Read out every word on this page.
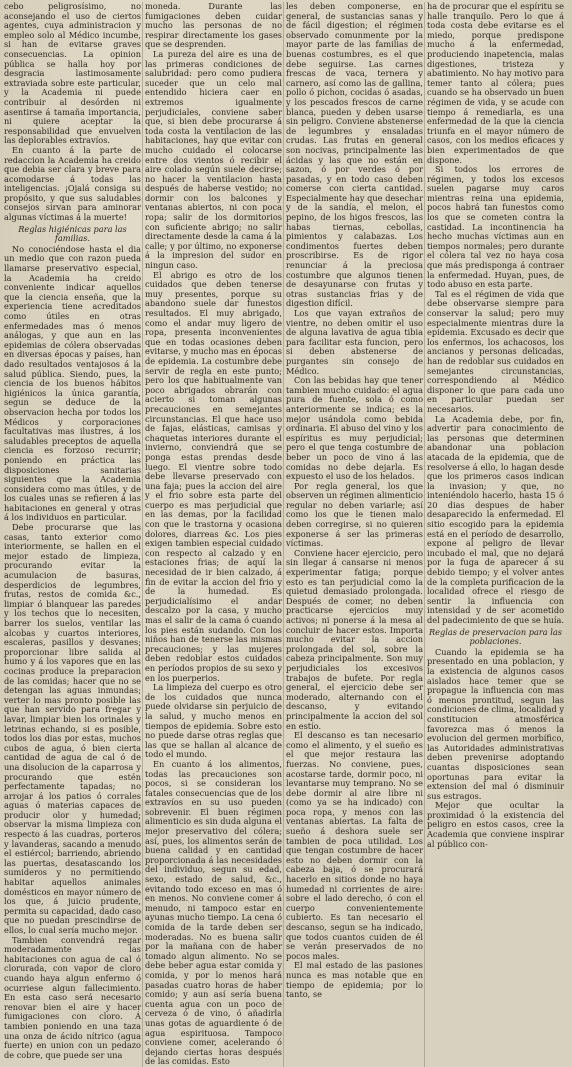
cebo peligrosísimo, no aconsejando el uso de ciertos agentes, cuya administracion y empleo solo al Médico incumbe, si han de evitarse graves consecuencias. La opinion pública se halla hoy por desgracia lastimosamente extraviada sobre este particular, y la Academia ni puede contribuir al desórden ni asentirse á tamaña importancia, ni quiere aceptar la responsabilidad que envuelven las deplorables extravíos.

En cuanto á la parte de redaccion la Academia ha creido que debia ser clara y breve para acomodarse á todas las inteligencias. ¡Ojalá consiga su propósito, y que sus saludables consejos sirvan para aminorar algunas víctimas á la muerte!

Reglas higiénicas para las familias.

No conociéndose hasta el dia un medio que con razon pueda llamarse preservativo especial, la Academia ha creido conveniente indicar aquellos que la ciencia enseña, que la experiencia tiene acreditados como útiles en otras enfermedades mas ó menos análogas, y que aun en las epidemias de cólera observadas en diversas épocas y países, han dado resultados ventajosos á la salud pública. Siendo, pues, la ciencia de los buenos hábitos higiénicos la única garantía, segun se deduce de la observacion hecha por todos los Médicos y corporaciones facultativas mas ilustres, á los saludables preceptos de aquella ciencia es forzoso recurrir; poniendo en práctica las disposiciones sanitarias siguientes que la Academia considera como mas útiles, y de los cuales unas se refieren á las habitaciones en general y otras á los individuos en particular.

Debe procurarse que las casas, tanto exterior como interiormente, se hallen en el mejor estado de limpieza, procurando evitar la acumulacion de basuras, desperdicios de legumbres, frutas, restos de comida &c., limpiar ó blanquear las paredes y los techos que lo necesiten, barrer los suelos, ventilar las alcobas y cuartos interiores, escaleras, pasillos y desvanes; proporcionar libre salida al humo y á los vapores que en las cocinas produce la preparacion de las comidas; hacer que no se detengan las aguas inmundas; verter lo mas pronto posible las que han servido para fregar y lavar, limpiar bien los orinales y letrinas echando, si es posible, todos los dias por estas, muchos cubos de agua, ó bien cierta cantidad de agua de cal ó de una disolucion de la caparrosa y procurando que estén perfectamente tapadas; no arrojar á los patios ó corrales aguas ó materias capaces de producir olor y humedad; observar la misma limpieza con respecto á las cuadras, porteros y lavanderas, sacando a menudo el estiércol; barriendo, abriendo las puertas, desatascando los sumideros y no permitiendo habitar aquellos animales domésticos en mayor número de los que, á juicio prudente, permita su capacidad, dado caso que no puedan prescindirse de ellos, lo cual sería mucho mejor.

Tambien convendrá regar moderadamente las habitaciones con agua de cal ó clorurada, con vapor de cloro cuando haya algun enfermo ó ocurriese algun fallecimiento. En esta caso será necesario renovar bien el aire y hacer fumigaciones con cloro. Á tambien poniendo en una taza una onza de ácido nítrico (agua fuerte) en union con un pedazo de cobre, que puede ser una

moneda. Durante las fumigaciones deben cuidar mucho las personas de no respirar directamente los gases que se desprenden.

La pureza del aire es una de las primeras condiciones de salubridad: pero como pudiera suceder que un celo mal entendido hiciera caer en extremos igualmente perjudiciales, conviene saber que, si bien debe procurarse á toda costa la ventilacion de las habitaciones, hay que evitar con mucho cuidado el colocarse entre dos vientos ó recibir el aire colado según suele decirse; no hacer la ventilacion hasta después de haberse vestido; no dormir con los balcones y ventanas abiertos, ni con poca ropa; salir de los dormitorios con suficiente abrigo; no salir directamente desde la cama á la calle; y por último, no exponerse á la impresion del sudor en ningun caso.

El abrigo es otro de los cuidados que deben tenerse muy presentes, porque su abandono suele dar funestos resultados. El muy abrigado, como el andar muy ligero de ropa, presenta inconvenientes que en todas ocasiones deben evitarse, y mucho mas en épocas de epidemia. La costumbre debe servir de regla en este punto; pero los que habitualmente van poco abrigados obrarán con acierto si toman algunas precauciones en semejantes circunstancias. El que hace uso de fajas, elásticas, camisas y chaquetas interiores durante el invierno, conviendrá que se ponga estas prendas desde luego. El vientre sobre todo debe llevarse preservado con una faja; pues la accion del aire y el frio sobre esta parte del cuerpo es mas perjudicial que en las demas, por la facilidad con que le trastorna y ocasiona dolores, diarreas &c. Los pies exigen tambien especial cuidado con respecto al calzado y en estaciones frias; de aquí la necesidad de ir bien calzado, á fin de evitar la accion del frio y de la humedad. Es perjudicialísimo el andar descalzo por la casa, y mucho mas el salir de la cama ó cuando los pies están sudando. Con los niños han de tenerse las mismas precauciones; y las mujeres deben redoblar estos cuidados en períodos propios de su sexo y en los puerperios.

La limpieza del cuerpo es otro de los cuidados que nunca puede olvidarse sin perjuicio de la salud, y mucho menos en tiempos de epidemia. Sobre esto no puede darse otras reglas que las que se hallan al alcance de todo el mundo.

En cuanto á los alimentos, todas las precauciones son pocos, si se consideran los fatales consecuencias que de los extravíos en su uso pueden sobrevenir. El buen régimen alimenticio es sin duda alguna el mejor preservativo del cólera; así, pues, los alimentos serán de buena calidad y en cantidad proporcionada á las necesidades del individuo, segun su edad, sexo, estado de salud, &c., evitando todo exceso en mas ó en menos. No conviene comer á menudo, ni tampoco estar en ayunas mucho tiempo. La cena ó comida de la tarde deben ser moderadas. No es buena salir por la mañana con de haber tomado algun alimento. No se debe beber agua estar comida y comida, y por lo menos hará pasadas cuatro horas de haber comido; y aun así sería buena cuenta agua con un poco de cerveza ó de vino, ó añadirla unas gotas de aguardiente ó de agua espirituosa. Tampoco conviene comer, acelerando ó dejando ciertas horas después de las comidas. Esto

les deben componerse, en general, de sustancias sanas y de fácil digestion; el régimen observado comunmente por la mayor parte de las familias de buenas costumbres, es el que debe seguirse. Las carnes frescas de vaca, ternera y carnero, así como las de gallina, pollo ó pichon, cocidas ó asadas, y los pescados frescos de carne blanca, pueden y deben usarse sin peligro. Conviene abstenerse de legumbres y ensaladas crudas. Las frutas en general son nocivas, principalmente las ácidas y las que no están en sazon, ó por verdes ó por pasadas, y en todo caso deben comerse con cierta cantidad. Especialmente hay que desechar y de la sandía, el melon, el pepino, de los higos frescos, las habas tiernas, cebollas, pimientos y calabazas. Los condimentos fuertes deben proscribirse. Es de rigor renunciar á la preciosa costumbre que algunos tienen de desayunarse con frutas y otras sustancias frias y de digestion difícil.

Los que vayan extraños de vientre, no deben omitir el uso de alguna lavativa de agua tibia para facilitar esta funcion, pero si deben abstenerse de purgantes sin consejo de Médico.

Con las bebidas hay que tener tambien mucho cuidado: el agua pura de fuente, sola ó como anteriormente se indica; es la mejor usándola como bebida ordinaria. El abuso del vino y los espíritus es muy perjudicial; pero el que tenga costumbre de beber un poco de vino á las comidas no debe dejarla. Es expuesto el uso de los helados.

Por regla general, los que observen un régimen alimenticio regular no deben variarle; así como los que le tienen malo deben corregirse, si no quieren exponerse á ser las primeras víctimas.

Conviene hacer ejercicio, pero sin llegar á cansarse ni menos experimentar fatiga; porque esto es tan perjudicial como la quietud demasiado prolongada. Después de comer, no deben practicarse ejercicios muy activos; ni ponerse á la mesa al concluir de hacer estos. Importa mucho evitar la accion prolongada del sol, sobre la cabeza principalmente. Son muy perjudiciales los excesivos trabajos de bufete. Por regla general, el ejercicio debe ser moderado, alternando con el descanso, y evitando principalmente la accion del sol en estío.

El descanso es tan necesario como el alimento, y el sueño es el que mejor restaura las fuerzas. No conviene, pues, acostarse tarde, dormir poco, ni levantarse muy temprano. No se debe dormir al aire libre ni (como ya se ha indicado) con poca ropa, y menos con las ventanas abiertas. La falta de sueño á deshora suele ser tambien de poca utilidad. Los que tengan costumbre de hacer esto no deben dormir con la cabeza baja, ó se procurará hacerlo en sitios donde no haya humedad ni corrientes de aire: sobre el lado derecho, ó con el cuerpo convenientemente cubierto. Es tan necesario el descanso, segun se ha indicado, que todos cuantos cuiden de él se verán preservados de no pocos males.

El mal estado de las pasiones nunca es mas notable que en tiempo de epidemia; por lo tanto, se

ha de procurar que el espíritu se halle tranquilo. Pero lo que á toda costa debe evitarse es el miedo, porque predispone mucho á la enfermedad, produciendo inapetencia, malas digestiones, tristeza y abatimiento. No hay motivo para temer tanto al cólera; pues cuando se ha observado un buen régimen de vida, y se acude con tiempo á remediarla, es una enfermedad de la que la ciencia triunfa en el mayor número de casos, con los medios eficaces y bien experimentados de que dispone.

Si todos los errores de régimen, y todos los excesos suelen pagarse muy caros mientras reina una epidemia, pocos habrá tan funestos como los que se cometen contra la castidad. La incontinencia ha hecho muchas víctimas aun en tiempos normales; pero durante el cólera tal vez no haya cosa que más predisponga á contraer la enfermedad. Huyan, pues, de todo abuso en esta parte.

Tal es el régimen de vida que debe observarse siempre para conservar la salud; pero muy especialmente mientras dure la epidemia. Excusado es decir que los enfermos, los achacosos, los ancianos y personas delicadas, han de redoblar sus cuidados en semejantes circunstancias, correspondiendo al Médico disponer lo que para cada uno en particular puedan ser necesarios.

La Academia debe, por fin, advertir para conocimiento de las personas que determinen abandonar una poblacion atacada de la epidemia, que de resolverse á ello, lo hagan desde que los primeros casos indican la invasion; y que, no inteniéndolo hacerlo, hasta 15 ó 20 dias despues de haber desaparecido la enfermedad. El sitio escogido para la epidemia está en el período de desarrollo, expone al peligro de llevar incubado el mal, que no dejará por la fuga de aparecer á su debido tiempo; y el volver antes de la completa purificacion de la localidad ofrece el riesgo de sentir la influencia con intensidad y de ser acometido del padecimiento de que se huía.

Reglas de preservacion para las poblaciones.

Cuando la epidemia se ha presentado en una poblacion, y la existencia de algunos casos aislados hace temer que se propague la influencia con mas ó menos prontitud, segun las condiciones de clima, localidad y constitucion atmosférica favorezca mas ó menos la evolucion del germen morbífico, las Autoridades administrativas deben prevenirse adoptando cuantas disposiciones sean oportunas para evitar la extension del mal ó disminuir sus estragos.

Mejor que ocultar la proximidad ó la existencia del peligro en estos casos, cree la Academia que conviene inspirar al público con-
